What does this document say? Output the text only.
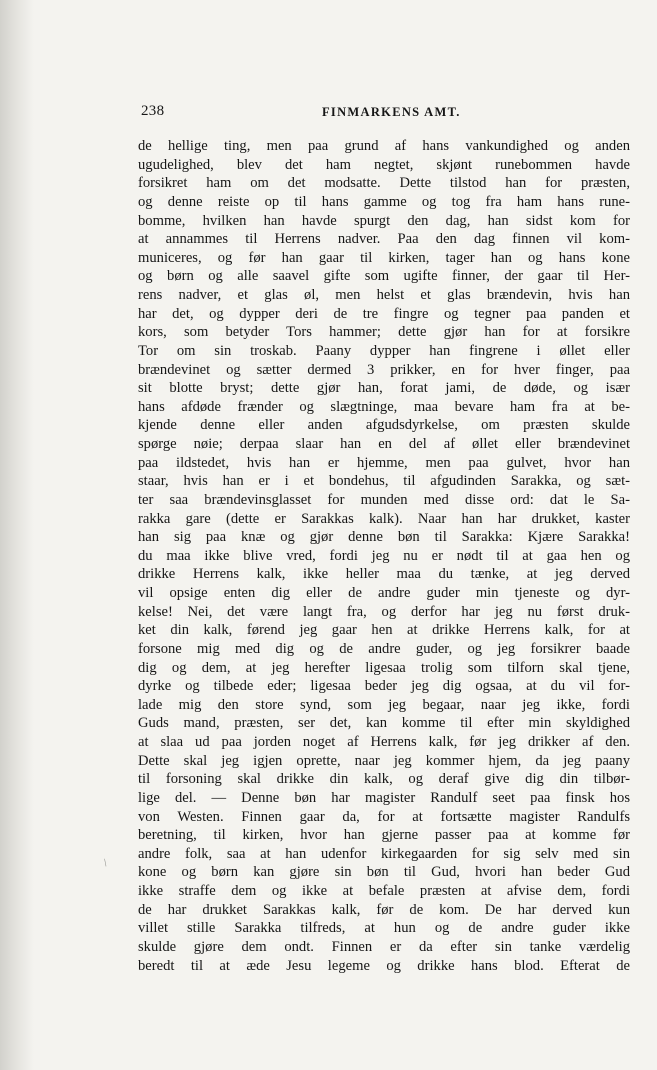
238	FINMARKENS AMT.
de hellige ting, men paa grund af hans vankundighed og anden
ugudelighed, blev det ham negtet, skjønt runebommen havde
forsikret ham om det modsatte. Dette tilstod han for præsten,
og denne reiste op til hans gamme og tog fra ham hans rune-
bomme, hvilken han havde spurgt den dag, han sidst kom for
at annammes til Herrens nadver. Paa den dag finnen vil kom-
municeres, og før han gaar til kirken, tager han og hans kone
og børn og alle saavel gifte som ugifte finner, der gaar til Her-
rens nadver, et glas øl, men helst et glas brændevin, hvis han
har det, og dypper deri de tre fingre og tegner paa panden et
kors, som betyder Tors hammer; dette gjør han for at forsikre
Tor om sin troskab. Paany dypper han fingrene i øllet eller
brændevinet og sætter dermed 3 prikker, en for hver finger, paa
sit blotte bryst; dette gjør han, forat jami, de døde, og især
hans afdøde frænder og slægtninge, maa bevare ham fra at be-
kjende denne eller anden afgudsdyrkelse, om præsten skulde
spørge nøie; derpaa slaar han en del af øllet eller brændevinet
paa ildstedet, hvis han er hjemme, men paa gulvet, hvor han
staar, hvis han er i et bondehus, til afgudinden Sarakka, og sæt-
ter saa brændevinsglasset for munden med disse ord: dat le Sa-
rakka gare (dette er Sarakkas kalk). Naar han har drukket, kaster
han sig paa knæ og gjør denne bøn til Sarakka: Kjære Sarakka!
du maa ikke blive vred, fordi jeg nu er nødt til at gaa hen og
drikke Herrens kalk, ikke heller maa du tænke, at jeg derved
vil opsige enten dig eller de andre guder min tjeneste og dyr-
kelse! Nei, det være langt fra, og derfor har jeg nu først druk-
ket din kalk, førend jeg gaar hen at drikke Herrens kalk, for at
forsone mig med dig og de andre guder, og jeg forsikrer baade
dig og dem, at jeg herefter ligesaa trolig som tilforn skal tjene,
dyrke og tilbede eder; ligesaa beder jeg dig ogsaa, at du vil for-
lade mig den store synd, som jeg begaar, naar jeg ikke, fordi
Guds mand, præsten, ser det, kan komme til efter min skyldighed
at slaa ud paa jorden noget af Herrens kalk, før jeg drikker af den.
Dette skal jeg igjen oprette, naar jeg kommer hjem, da jeg paany
til forsoning skal drikke din kalk, og deraf give dig din tilbør-
lige del. — Denne bøn har magister Randulf seet paa finsk hos
von Westen. Finnen gaar da, for at fortsætte magister Randulfs
beretning, til kirken, hvor han gjerne passer paa at komme før
andre folk, saa at han udenfor kirkegaarden for sig selv med sin
kone og børn kan gjøre sin bøn til Gud, hvori han beder Gud
ikke straffe dem og ikke at befale præsten at afvise dem, fordi
de har drukket Sarakkas kalk, før de kom. De har derved kun
villet stille Sarakka tilfreds, at hun og de andre guder ikke
skulde gjøre dem ondt. Finnen er da efter sin tanke værdelig
beredt til at æde Jesu legeme og drikke hans blod. Efterat de
/
